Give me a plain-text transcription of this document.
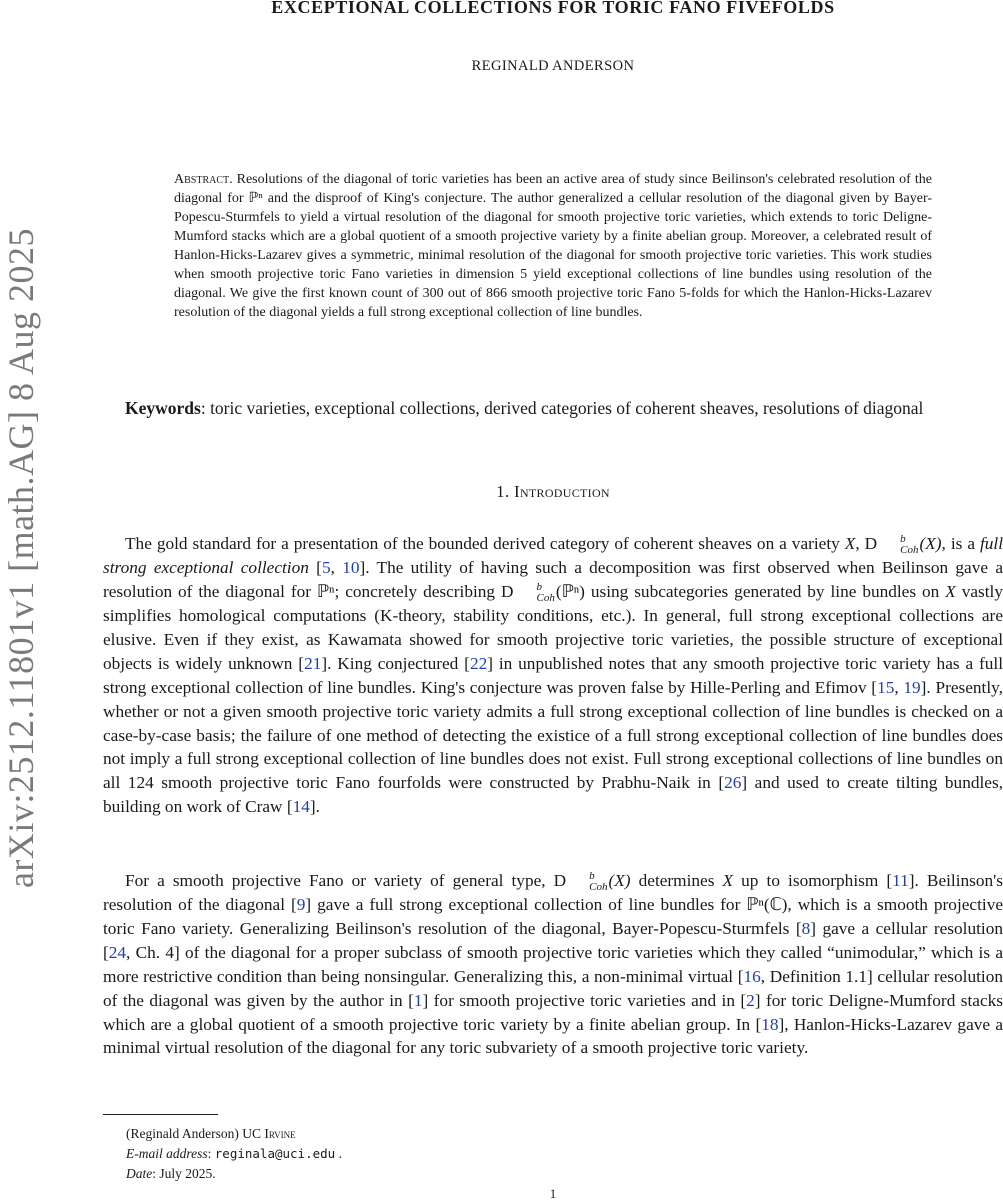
arXiv:2512.11801v1 [math.AG] 8 Aug 2025
EXCEPTIONAL COLLECTIONS FOR TORIC FANO FIVEFOLDS
REGINALD ANDERSON

Abstract. Resolutions of the diagonal of toric varieties has been an active area of study since Beilinson's celebrated resolution of the diagonal for ℙⁿ and the disproof of King's conjecture. The author generalized a cellular resolution of the diagonal given by Bayer-Popescu-Sturmfels to yield a virtual resolution of the diagonal for smooth projective toric varieties, which extends to toric Deligne-Mumford stacks which are a global quotient of a smooth projective variety by a finite abelian group. Moreover, a celebrated result of Hanlon-Hicks-Lazarev gives a symmetric, minimal resolution of the diagonal for smooth projective toric varieties. This work studies when smooth projective toric Fano varieties in dimension 5 yield exceptional collections of line bundles using resolution of the diagonal. We give the first known count of 300 out of 866 smooth projective toric Fano 5-folds for which the Hanlon-Hicks-Lazarev resolution of the diagonal yields a full strong exceptional collection of line bundles.

Keywords: toric varieties, exceptional collections, derived categories of coherent sheaves, resolutions of diagonal

1. Introduction

The gold standard for a presentation of the bounded derived category of coherent sheaves on a variety X, D	b
Coh (X), is a full strong exceptional collection [5, 10]. The utility of having such a decomposition was first observed when Beilinson gave a resolution of the diagonal for ℙⁿ; concretely describing D	b
Coh (ℙⁿ) using subcategories generated by line bundles on X vastly simplifies homological computations (K-theory, stability conditions, etc.). In general, full strong exceptional collections are elusive. Even if they exist, as Kawamata showed for smooth projective toric varieties, the possible structure of exceptional objects is widely unknown [21]. King conjectured [22] in unpublished notes that any smooth projective toric variety has a full strong exceptional collection of line bundles. King's conjecture was proven false by Hille-Perling and Efimov [15, 19]. Presently, whether or not a given smooth projective toric variety admits a full strong exceptional collection of line bundles is checked on a case-by-case basis; the failure of one method of detecting the existice of a full strong exceptional collection of line bundles does not imply a full strong exceptional collection of line bundles does not exist. Full strong exceptional collections of line bundles on all 124 smooth projective toric Fano fourfolds were constructed by Prabhu-Naik in [26] and used to create tilting bundles, building on work of Craw [14].

For a smooth projective Fano or variety of general type, D	b
Coh (X) determines X up to isomorphism [11]. Beilinson's resolution of the diagonal [9] gave a full strong exceptional collection of line bundles for ℙⁿ(ℂ), which is a smooth projective toric Fano variety. Generalizing Beilinson's resolution of the diagonal, Bayer-Popescu-Sturmfels [8] gave a cellular resolution [24, Ch. 4] of the diagonal for a proper subclass of smooth projective toric varieties which they called “unimodular,” which is a more restrictive condition than being nonsingular. Generalizing this, a non-minimal virtual [16, Definition 1.1] cellular resolution of the diagonal was given by the author in [1] for smooth projective toric varieties and in [2] for toric Deligne-Mumford stacks which are a global quotient of a smooth projective toric variety by a finite abelian group. In [18], Hanlon-Hicks-Lazarev gave a minimal virtual resolution of the diagonal for any toric subvariety of a smooth projective toric variety.

(Reginald Anderson) UC Irvine
E-mail address: reginala@uci.edu .
Date: July 2025.
1
